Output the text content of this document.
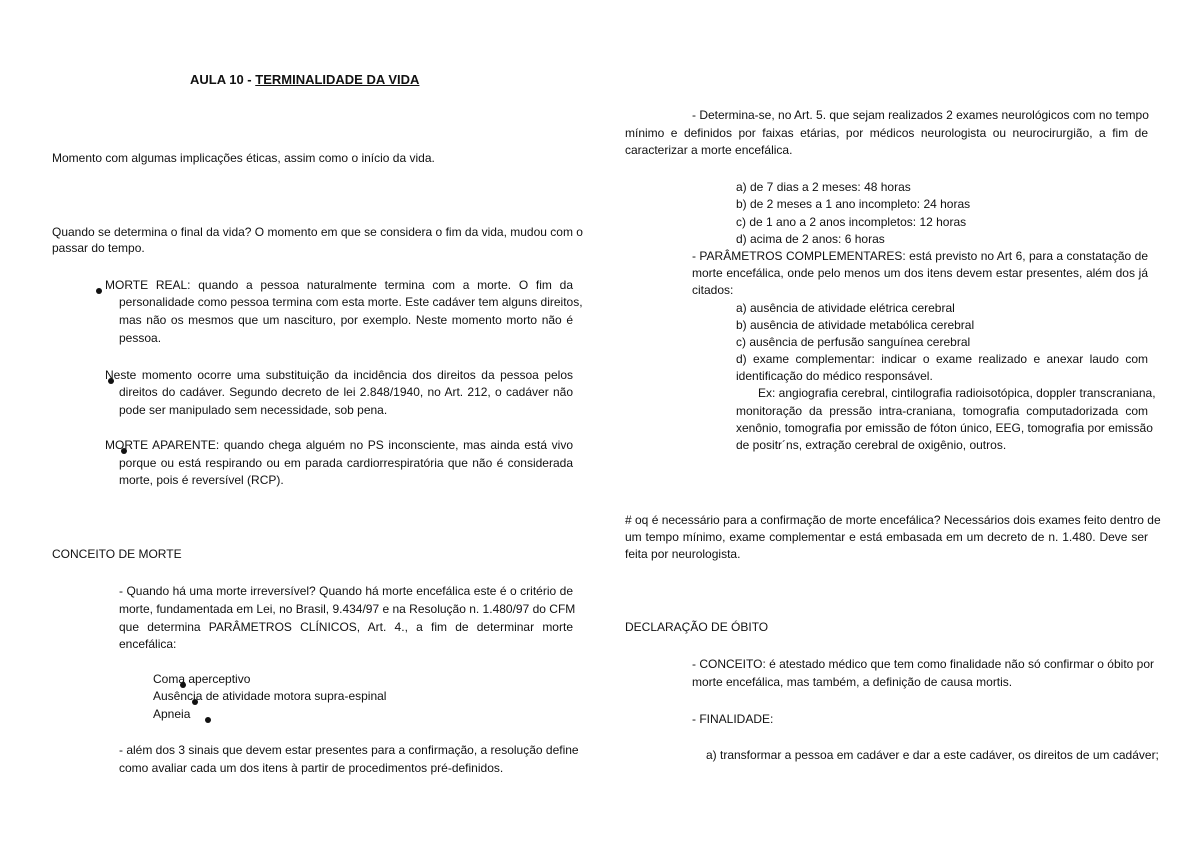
AULA 10 - TERMINALIDADE DA VIDA
Momento com algumas implicações éticas, assim como o início da vida.
Quando se determina o final da vida? O momento em que se considera o fim da vida, mudou com o
passar do tempo.

MORTE REAL: quando a pessoa naturalmente termina com a morte. O fim da
personalidade como pessoa termina com esta morte. Este cadáver tem alguns direitos,
mas não os mesmos que um nascituro, por exemplo. Neste momento morto não é
pessoa.

Neste momento ocorre uma substituição da incidência dos direitos da pessoa pelos
direitos do cadáver. Segundo decreto de lei 2.848/1940, no Art. 212, o cadáver não
pode ser manipulado sem necessidade, sob pena.

MORTE APARENTE: quando chega alguém no PS inconsciente, mas ainda está vivo
porque ou está respirando ou em parada cardiorrespiratória que não é considerada
morte, pois é reversível (RCP).
CONCEITO DE MORTE
- Quando há uma morte irreversível? Quando há morte encefálica este é o critério de
morte, fundamentada em Lei, no Brasil, 9.434/97 e na Resolução n. 1.480/97 do CFM
que determina PARÂMETROS CLÍNICOS, Art. 4., a fim de determinar morte
encefálica:

Coma aperceptivo

Ausência de atividade motora supra-espinal
Apneia
- além dos 3 sinais que devem estar presentes para a confirmação, a resolução define
como avaliar cada um dos itens à partir de procedimentos pré-definidos.
- Determina-se, no Art. 5. que sejam realizados 2 exames neurológicos com no tempo
mínimo e definidos por faixas etárias, por médicos neurologista ou neurocirurgião, a fim de
caracterizar a morte encefálica.
a) de 7 dias a 2 meses: 48 horas
b) de 2 meses a 1 ano incompleto: 24 horas
c) de 1 ano a 2 anos incompletos: 12 horas
d) acima de 2 anos: 6 horas
- PARÂMETROS COMPLEMENTARES: está previsto no Art 6, para a constatação de
morte encefálica, onde pelo menos um dos itens devem estar presentes, além dos já
citados:
a) ausência de atividade elétrica cerebral
b) ausência de atividade metabólica cerebral
c) ausência de perfusão sanguínea cerebral
d) exame complementar: indicar o exame realizado e anexar laudo com
identificação do médico responsável.
Ex: angiografia cerebral, cintilografia radioisotópica, doppler transcraniana,
monitoração da pressão intra-craniana, tomografia computadorizada com
xenônio, tomografia por emissão de fóton único, EEG, tomografia por emissão
de positr´ns, extração cerebral de oxigênio, outros.
# oq é necessário para a confirmação de morte encefálica? Necessários dois exames feito dentro de
um tempo mínimo, exame complementar e está embasada em um decreto de n. 1.480. Deve ser
feita por neurologista.
DECLARAÇÃO DE ÓBITO
- CONCEITO: é atestado médico que tem como finalidade não só confirmar o óbito por
morte encefálica, mas também, a definição de causa mortis.
- FINALIDADE:
a) transformar a pessoa em cadáver e dar a este cadáver, os direitos de um cadáver;
